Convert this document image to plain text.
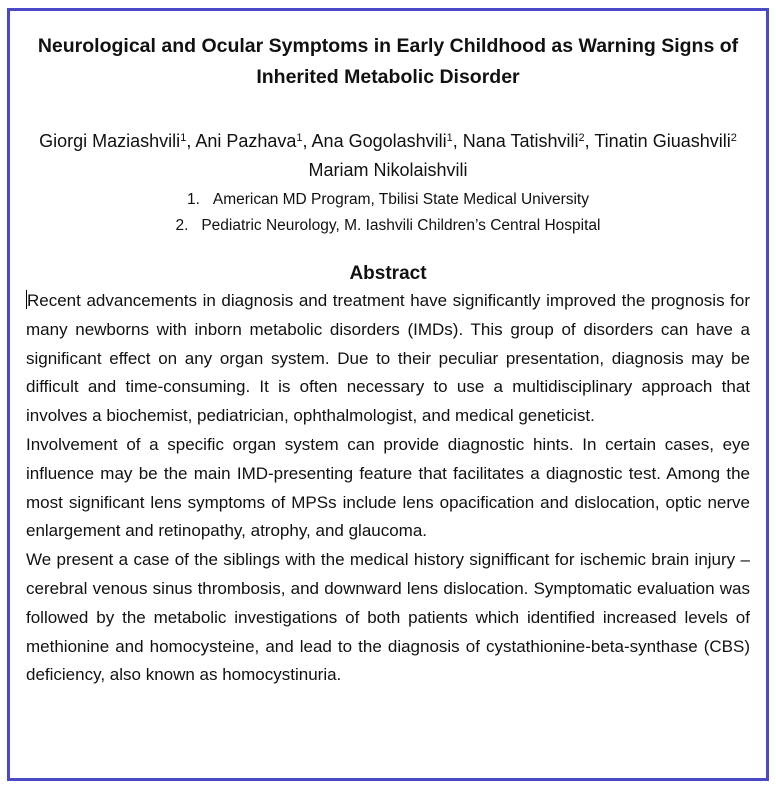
Neurological and Ocular Symptoms in Early Childhood as Warning Signs of Inherited Metabolic Disorder
Giorgi Maziashvili$^1$, Ani Pazhava$^1$, Ana Gogolashvili$^1$, Nana Tatishvili$^2$, Tinatin Giuashvili$^2$ Mariam Nikolaishvili
1. American MD Program, Tbilisi State Medical University
2. Pediatric Neurology, M. Iashvili Children’s Central Hospital
Abstract

Recent advancements in diagnosis and treatment have significantly improved the prognosis for many newborns with inborn metabolic disorders (IMDs). This group of disorders can have a significant effect on any organ system. Due to their peculiar presentation, diagnosis may be difficult and time-consuming. It is often necessary to use a multidisciplinary approach that involves a biochemist, pediatrician, ophthalmologist, and medical geneticist.

Involvement of a specific organ system can provide diagnostic hints. In certain cases, eye influence may be the main IMD-presenting feature that facilitates a diagnostic test. Among the most significant lens symptoms of MPSs include lens opacification and dislocation, optic nerve enlargement and retinopathy, atrophy, and glaucoma.

We present a case of the siblings with the medical history signifficant for ischemic brain injury – cerebral venous sinus thrombosis, and downward lens dislocation. Symptomatic evaluation was followed by the metabolic investigations of both patients which identified increased levels of methionine and homocysteine, and lead to the diagnosis of cystathionine-beta-synthase (CBS) deficiency, also known as homocystinuria.
